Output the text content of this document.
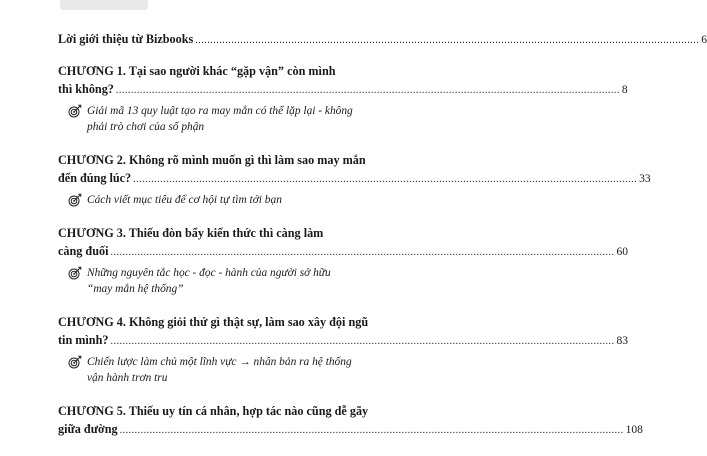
Lời giới thiệu từ Bizbooks .....	6
CHƯƠNG 1. Tại sao người khác “gặp vận” còn mình
thì không? .....	8
Giải mã 13 quy luật tạo ra may mắn có thể lặp lại - không phải trò chơi của số phận
CHƯƠNG 2. Không rõ mình muốn gì thì làm sao may mắn
đến đúng lúc? .....	33
Cách viết mục tiêu để cơ hội tự tìm tới bạn
CHƯƠNG 3. Thiếu đòn bẩy kiến thức thì càng làm
càng đuối .....	60
Những nguyên tắc học - đọc - hành của người sở hữu “may mắn hệ thống”
CHƯƠNG 4. Không giỏi thứ gì thật sự, làm sao xây đội ngũ
tin mình? .....	83
Chiến lược làm chủ một lĩnh vực → nhân bản ra hệ thống vận hành trơn tru
CHƯƠNG 5. Thiếu uy tín cá nhân, hợp tác nào cũng dễ gãy
giữa đường .....	108
